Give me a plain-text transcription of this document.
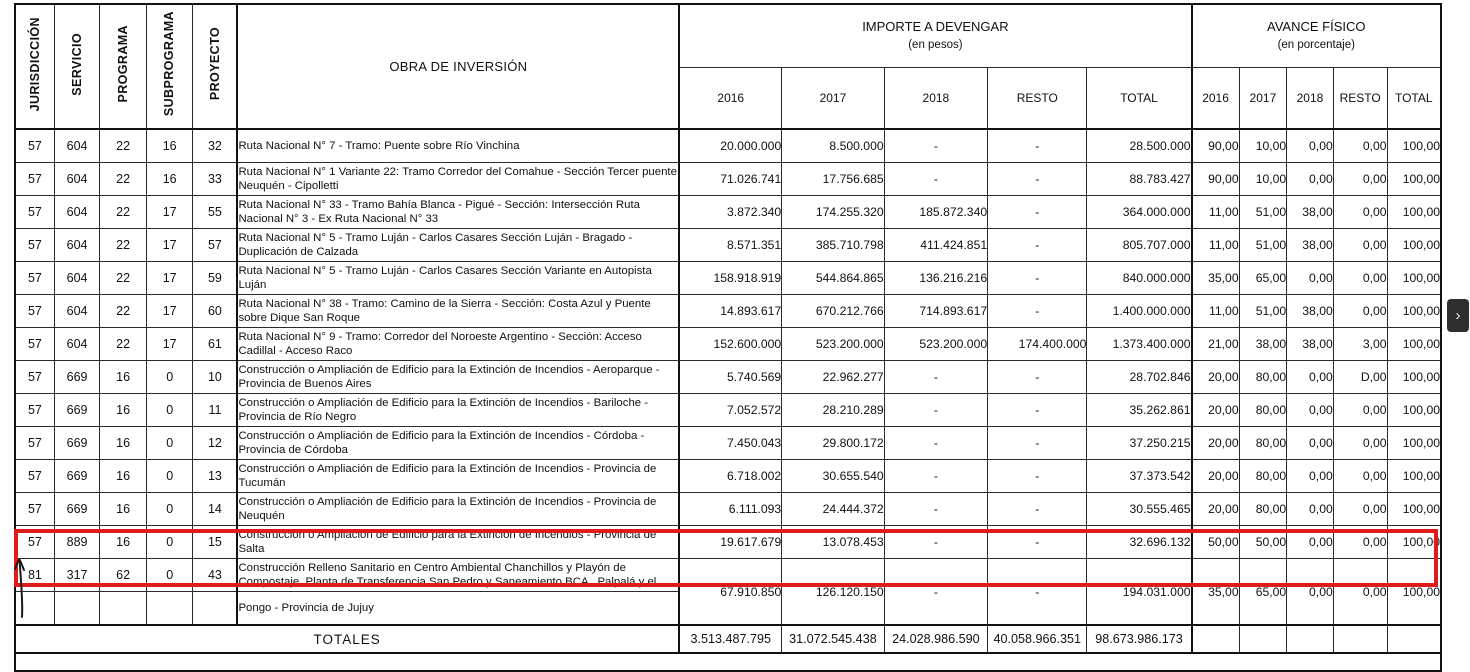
JURISDICCIÓN	SERVICIO	PROGRAMA	SUBPROGRAMA	PROYECTO	OBRA DE INVERSIÓN	IMPORTE A DEVENGAR
(en pesos)					AVANCE FÍSICO
(en porcentaje)				

						2016	2017	2018	RESTO	TOTAL	2016	2017	2018	RESTO	TOTAL
57	604	22	16	32	Ruta Nacional N° 7 - Tramo: Puente sobre Río Vinchina	20.000.000	8.500.000	-	-	28.500.000	90,00	10,00	0,00	0,00	100,00
57	604	22	16	33	Ruta Nacional N° 1 Variante 22: Tramo Corredor del Comahue - Sección Tercer puente Neuquén - Cipolletti	71.026.741	17.756.685	-	-	88.783.427	90,00	10,00	0,00	0,00	100,00
57	604	22	17	55	Ruta Nacional N° 33 - Tramo Bahía Blanca - Pigué - Sección: Intersección Ruta Nacional N° 3 - Ex Ruta Nacional N° 33	3.872.340	174.255.320	185.872.340	-	364.000.000	11,00	51,00	38,00	0,00	100,00
57	604	22	17	57	Ruta Nacional N° 5 - Tramo Luján - Carlos Casares Sección Luján - Bragado - Duplicación de Calzada	8.571.351	385.710.798	411.424.851	-	805.707.000	11,00	51,00	38,00	0,00	100,00
57	604	22	17	59	Ruta Nacional N° 5 - Tramo Luján - Carlos Casares Sección Variante en Autopista Luján	158.918.919	544.864.865	136.216.216	-	840.000.000	35,00	65,00	0,00	0,00	100,00
57	604	22	17	60	Ruta Nacional N° 38 - Tramo: Camino de la Sierra - Sección: Costa Azul y Puente sobre Dique San Roque	14.893.617	670.212.766	714.893.617	-	1.400.000.000	11,00	51,00	38,00	0,00	100,00
57	604	22	17	61	Ruta Nacional N° 9 - Tramo: Corredor del Noroeste Argentino - Sección: Acceso Cadillal - Acceso Raco	152.600.000	523.200.000	523.200.000	174.400.000	1.373.400.000	21,00	38,00	38,00	3,00	100,00
57	669	16	0	10	Construcción o Ampliación de Edificio para la Extinción de Incendios - Aeroparque - Provincia de Buenos Aires	5.740.569	22.962.277	-	-	28.702.846	20,00	80,00	0,00	D,00	100,00
57	669	16	0	11	Construcción o Ampliación de Edificio para la Extinción de Incendios - Bariloche - Provincia de Río Negro	7.052.572	28.210.289	-	-	35.262.861	20,00	80,00	0,00	0,00	100,00
57	669	16	0	12	Construcción o Ampliación de Edificio para la Extinción de Incendios - Córdoba - Provincia de Córdoba	7.450.043	29.800.172	-	-	37.250.215	20,00	80,00	0,00	0,00	100,00
57	669	16	0	13	Construcción o Ampliación de Edificio para la Extinción de Incendios - Provincia de Tucumán	6.718.002	30.655.540	-	-	37.373.542	20,00	80,00	0,00	0,00	100,00
57	669	16	0	14	Construcción o Ampliación de Edificio para la Extinción de Incendios - Provincia de Neuquén	6.111.093	24.444.372	-	-	30.555.465	20,00	80,00	0,00	0,00	100,00
57	889	16	0	15	Construcción o Ampliación de Edificio para la Extinción de Incendios - Provincia de Salta	19.617.679	13.078.453	-	-	32.696.132	50,00	50,00	0,00	0,00	100,00
81	317	62	0	43	Construcción Relleno Sanitario en Centro Ambiental Chanchillos y Playón de Compostaje, Planta de Transferencia San Pedro y Saneamiento BCA , Palpalá y el	67.910.850	126.120.150	-	-	194.031.000	35,00	65,00	0,00	0,00	100,00
					Pongo - Provincia de Jujuy										
TOTALES						3.513.487.795	31.072.545.438	24.028.986.590	40.058.966.351	98.673.986.173					

›
